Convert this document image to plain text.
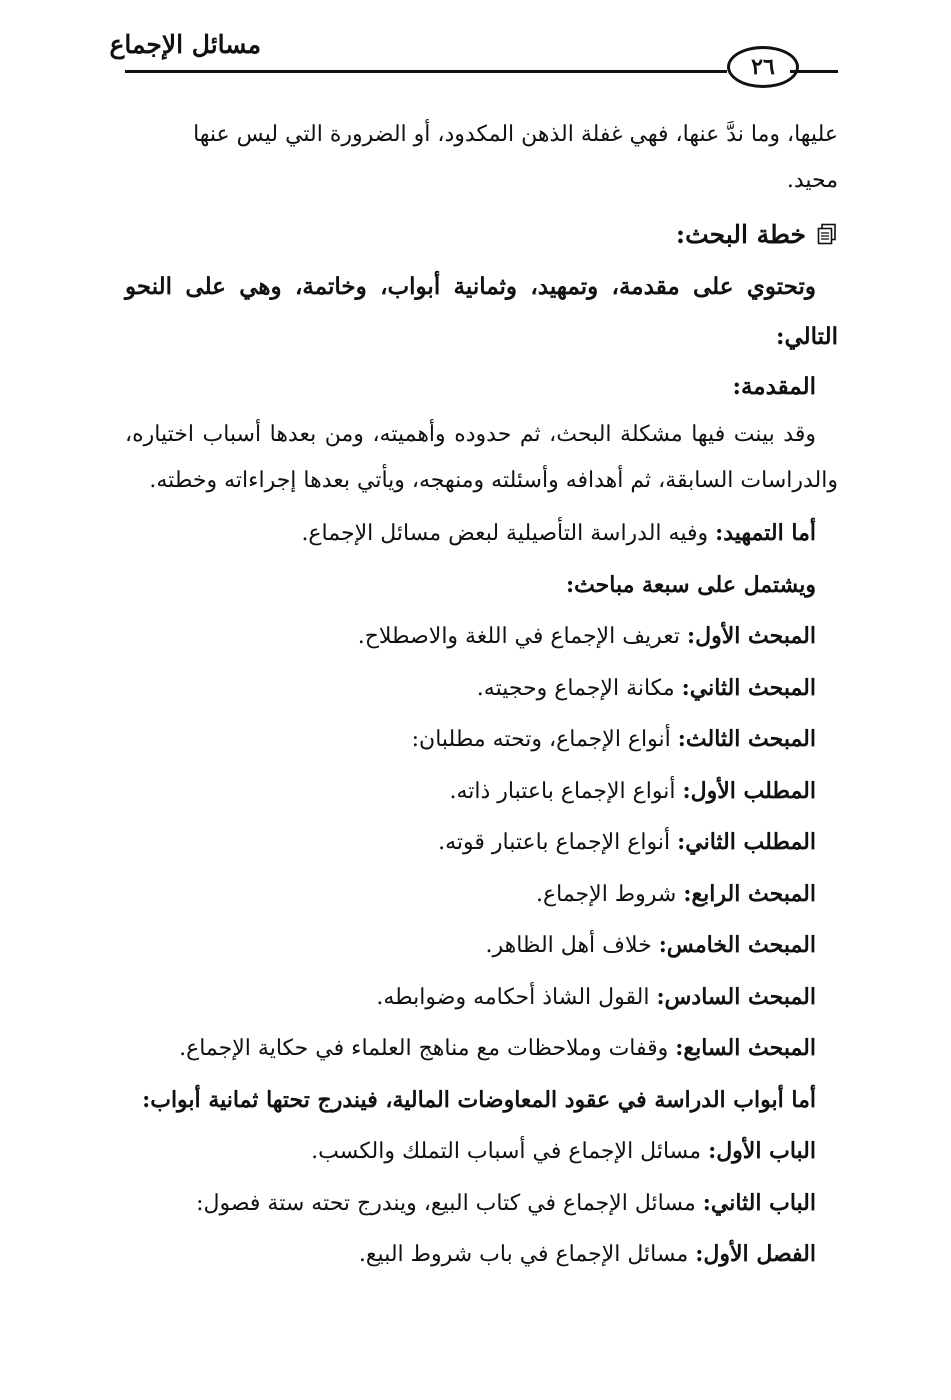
مسائل الإجماع
٢٦

عليها، وما ندَّ عنها، فهي غفلة الذهن المكدود، أو الضرورة التي ليس عنها

محيد.

خطة البحث:

وتحتوي على مقدمة، وتمهيد، وثمانية أبواب، وخاتمة، وهي على النحو التالي:

المقدمة:

وقد بينت فيها مشكلة البحث، ثم حدوده وأهميته، ومن بعدها أسباب اختياره، والدراسات السابقة، ثم أهدافه وأسئلته ومنهجه، ويأتي بعدها إجراءاته وخطته.

أما التمهيد: وفيه الدراسة التأصيلية لبعض مسائل الإجماع.
ويشتمل على سبعة مباحث:
المبحث الأول: تعريف الإجماع في اللغة والاصطلاح.
المبحث الثاني: مكانة الإجماع وحجيته.
المبحث الثالث: أنواع الإجماع، وتحته مطلبان:
المطلب الأول: أنواع الإجماع باعتبار ذاته.
المطلب الثاني: أنواع الإجماع باعتبار قوته.
المبحث الرابع: شروط الإجماع.
المبحث الخامس: خلاف أهل الظاهر.
المبحث السادس: القول الشاذ أحكامه وضوابطه.
المبحث السابع: وقفات وملاحظات مع مناهج العلماء في حكاية الإجماع.
أما أبواب الدراسة في عقود المعاوضات المالية، فيندرج تحتها ثمانية أبواب:
الباب الأول: مسائل الإجماع في أسباب التملك والكسب.
الباب الثاني: مسائل الإجماع في كتاب البيع، ويندرج تحته ستة فصول:
الفصل الأول: مسائل الإجماع في باب شروط البيع.
